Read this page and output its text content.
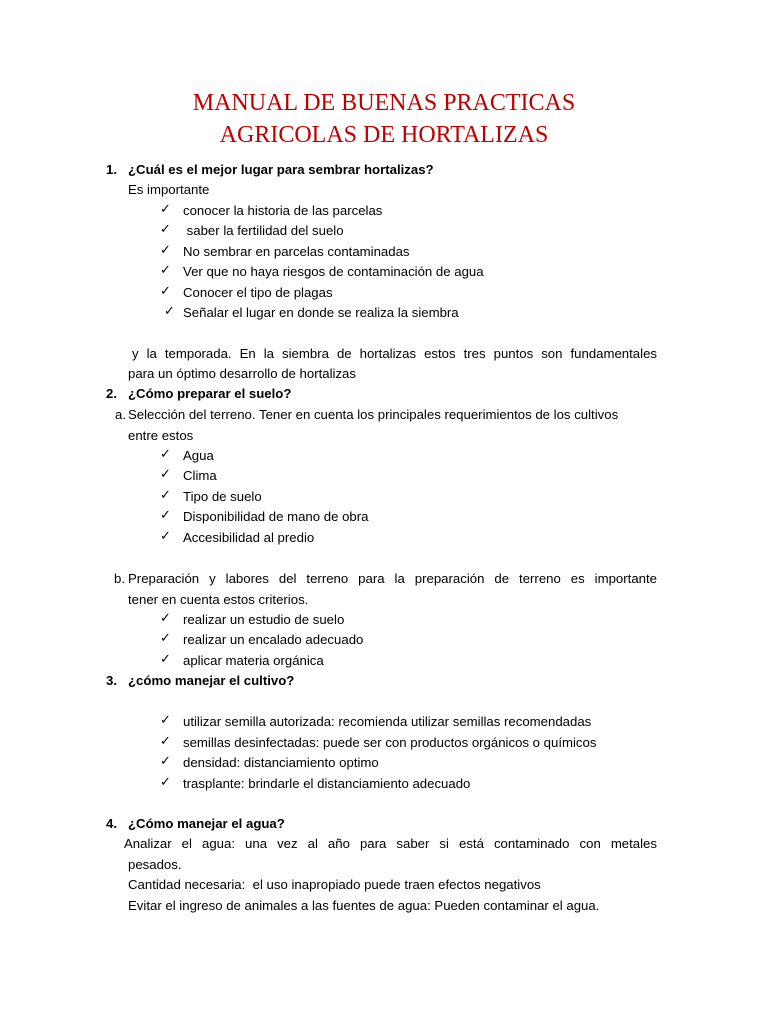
MANUAL DE BUENAS PRACTICAS
AGRICOLAS DE HORTALIZAS
1. ¿Cuál es el mejor lugar para sembrar hortalizas?
Es importante
✓ conocer la historia de las parcelas
✓ saber la fertilidad del suelo
✓ No sembrar en parcelas contaminadas
✓ Ver que no haya riesgos de contaminación de agua
✓ Conocer el tipo de plagas
✓ Señalar el lugar en donde se realiza la siembra
y la temporada. En la siembra de hortalizas estos tres puntos son fundamentales
para un óptimo desarrollo de hortalizas
2. ¿Cómo preparar el suelo?
a. Selección del terreno. Tener en cuenta los principales requerimientos de los cultivos
entre estos
✓ Agua
✓ Clima
✓ Tipo de suelo
✓ Disponibilidad de mano de obra
✓ Accesibilidad al predio
b. Preparación y labores del terreno para la preparación de terreno es importante
tener en cuenta estos criterios.
✓ realizar un estudio de suelo
✓ realizar un encalado adecuado
✓ aplicar materia orgánica
3. ¿cómo manejar el cultivo?
✓ utilizar semilla autorizada: recomienda utilizar semillas recomendadas
✓ semillas desinfectadas: puede ser con productos orgánicos o químicos
✓ densidad: distanciamiento optimo
✓ trasplante: brindarle el distanciamiento adecuado
4. ¿Cómo manejar el agua?
Analizar el agua: una vez al año para saber si está contaminado con metales
pesados.
Cantidad necesaria:  el uso inapropiado puede traen efectos negativos
Evitar el ingreso de animales a las fuentes de agua: Pueden contaminar el agua.
